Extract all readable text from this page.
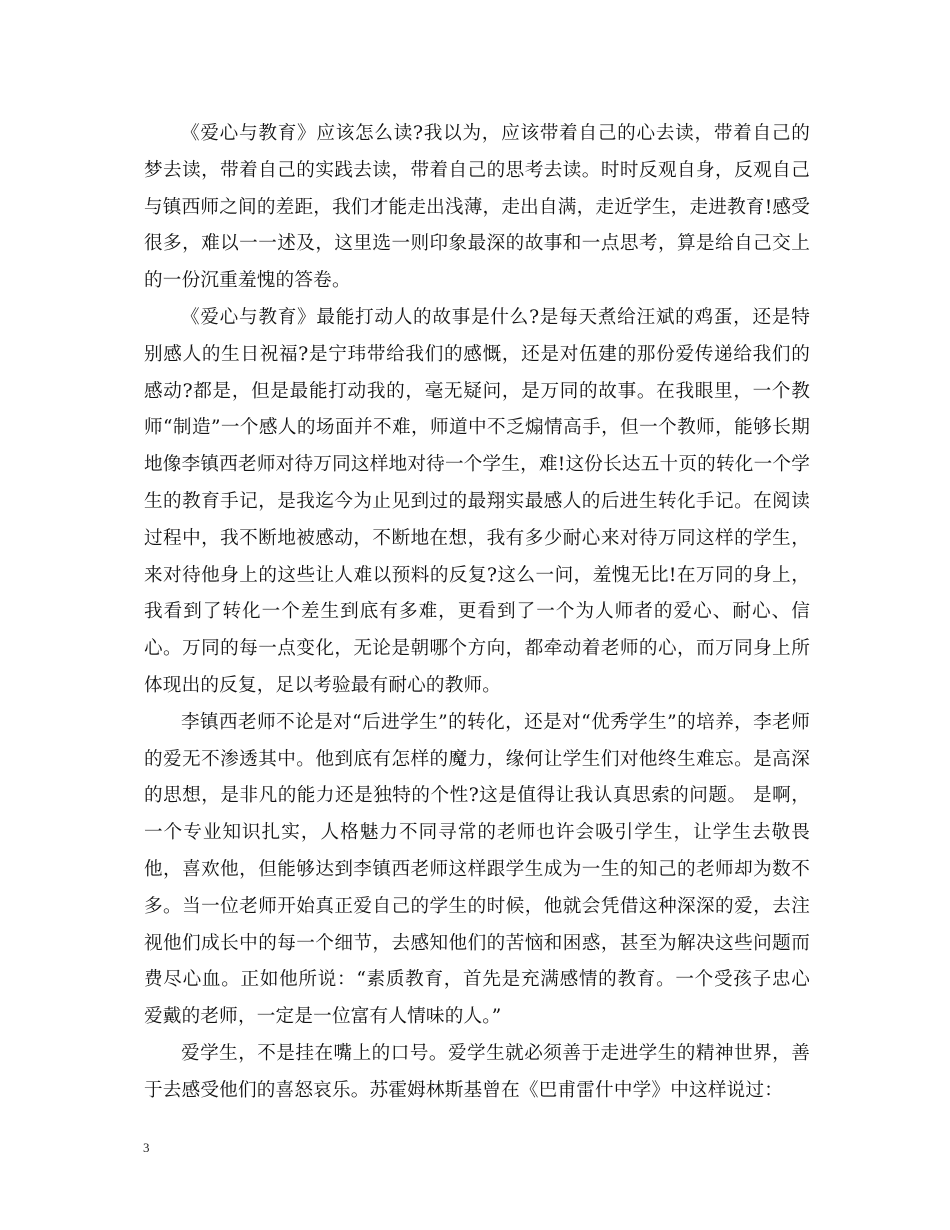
《爱心与教育》应该怎么读?我以为，应该带着自己的心去读，带着自己的梦去读，带着自己的实践去读，带着自己的思考去读。时时反观自身，反观自己与镇西师之间的差距，我们才能走出浅薄，走出自满，走近学生，走进教育!感受很多，难以一一述及，这里选一则印象最深的故事和一点思考，算是给自己交上的一份沉重羞愧的答卷。

《爱心与教育》最能打动人的故事是什么?是每天煮给汪斌的鸡蛋，还是特别感人的生日祝福?是宁玮带给我们的感慨，还是对伍建的那份爱传递给我们的感动?都是，但是最能打动我的，毫无疑问，是万同的故事。在我眼里，一个教师“制造”一个感人的场面并不难，师道中不乏煽情高手，但一个教师，能够长期地像李镇西老师对待万同这样地对待一个学生，难!这份长达五十页的转化一个学生的教育手记，是我迄今为止见到过的最翔实最感人的后进生转化手记。在阅读过程中，我不断地被感动，不断地在想，我有多少耐心来对待万同这样的学生，来对待他身上的这些让人难以预料的反复?这么一问，羞愧无比!在万同的身上，我看到了转化一个差生到底有多难，更看到了一个为人师者的爱心、耐心、信心。万同的每一点变化，无论是朝哪个方向，都牵动着老师的心，而万同身上所体现出的反复，足以考验最有耐心的教师。

李镇西老师不论是对“后进学生”的转化，还是对“优秀学生”的培养，李老师的爱无不渗透其中。他到底有怎样的魔力，缘何让学生们对他终生难忘。是高深的思想，是非凡的能力还是独特的个性?这是值得让我认真思索的问题。 是啊，一个专业知识扎实，人格魅力不同寻常的老师也许会吸引学生，让学生去敬畏他，喜欢他，但能够达到李镇西老师这样跟学生成为一生的知己的老师却为数不多。当一位老师开始真正爱自己的学生的时候，他就会凭借这种深深的爱，去注视他们成长中的每一个细节，去感知他们的苦恼和困惑，甚至为解决这些问题而费尽心血。正如他所说：“素质教育，首先是充满感情的教育。一个受孩子忠心爱戴的老师，一定是一位富有人情味的人。”

爱学生，不是挂在嘴上的口号。爱学生就必须善于走进学生的精神世界，善于去感受他们的喜怒哀乐。苏霍姆林斯基曾在《巴甫雷什中学》中这样说过：

3
